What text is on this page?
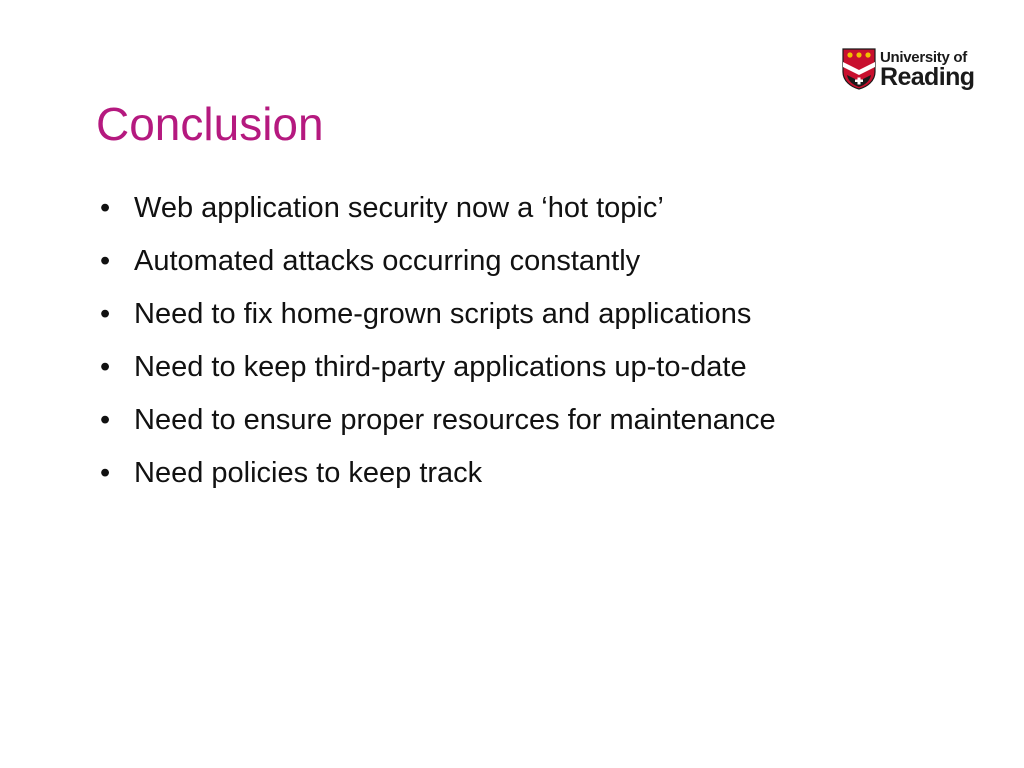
University of
Reading
Conclusion
• Web application security now a ‘hot topic’
• Automated attacks occurring constantly
• Need to fix home-grown scripts and applications
• Need to keep third-party applications up-to-date
• Need to ensure proper resources for maintenance
• Need policies to keep track
